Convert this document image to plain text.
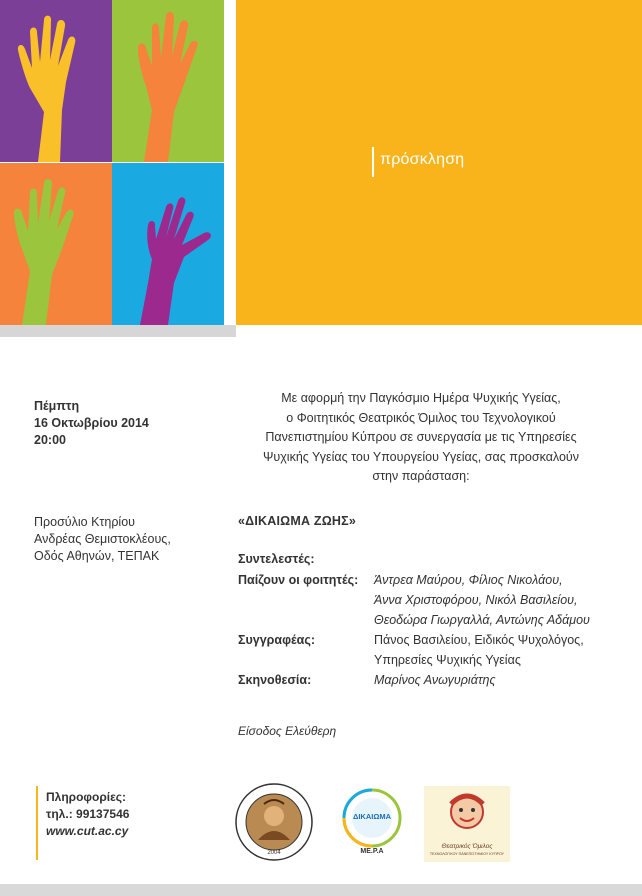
πρόσκληση
Πέμπτη
16 Οκτωβρίου 2014
20:00
Προσύλιο Κτηρίου
Ανδρέας Θεμιστοκλέους,
Οδός Αθηνών, ΤΕΠΑΚ
Με αφορμή την Παγκόσμιο Ημέρα Ψυχικής Υγείας,
ο Φοιτητικός Θεατρικός Όμιλος του Τεχνολογικού
Πανεπιστημίου Κύπρου σε συνεργασία με τις Υπηρεσίες
Ψυχικής Υγείας του Υπουργείου Υγείας, σας προσκαλούν
στην παράσταση:
«ΔΙΚΑΙΩΜΑ ΖΩΗΣ»
Συντελεστές:
Παίζουν οι φοιτητές: Άντρεα Μαύρου, Φίλιος Νικολάου,
Άννα Χριστοφόρου, Νικόλ Βασιλείου,
Θεοδώρα Γιωργαλλά, Αντώνης Αδάμου
Συγγραφέας:	Πάνος Βασιλείου, Ειδικός Ψυχολόγος,
Υπηρεσίες Ψυχικής Υγείας
Σκηνοθεσία:	Μαρίνος Ανωγυριάτης
Είσοδος Ελεύθερη
Πληροφορίες:
τηλ.: 99137546
www.cut.ac.cy
2004
ΔΙΚΑΙΩΜΑ
ΜΕ.Ρ.Α
Θεατρικός Όμιλος
ΤΕΧΝΟΛΟΓΙΚΟΥ ΠΑΝΕΠΙΣΤΗΜΙΟΥ ΚΥΠΡΟΥ
